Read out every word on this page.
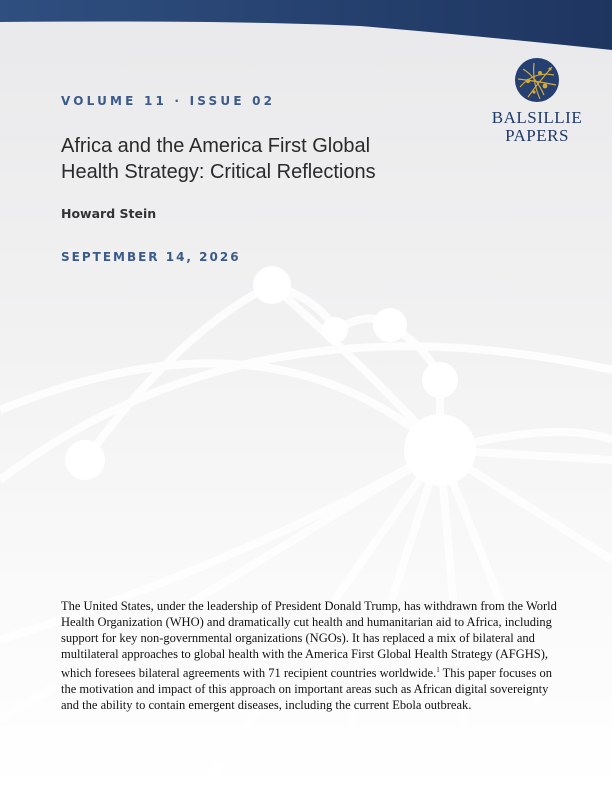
VOLUME 11 · ISSUE 02
Africa and the America First Global Health Strategy: Critical Reflections
Howard Stein
SEPTEMBER 14, 2026
BALSILLIE
PAPERS
The United States, under the leadership of President Donald Trump, has withdrawn from the World Health Organization (WHO) and dramatically cut health and humanitarian aid to Africa, including support for key non-governmental organizations (NGOs). It has replaced a mix of bilateral and multilateral approaches to global health with the America First Global Health Strategy (AFGHS), which foresees bilateral agreements with 71 recipient countries worldwide.$^1$ This paper focuses on the motivation and impact of this approach on important areas such as African digital sovereignty and the ability to contain emergent diseases, including the current Ebola outbreak.
